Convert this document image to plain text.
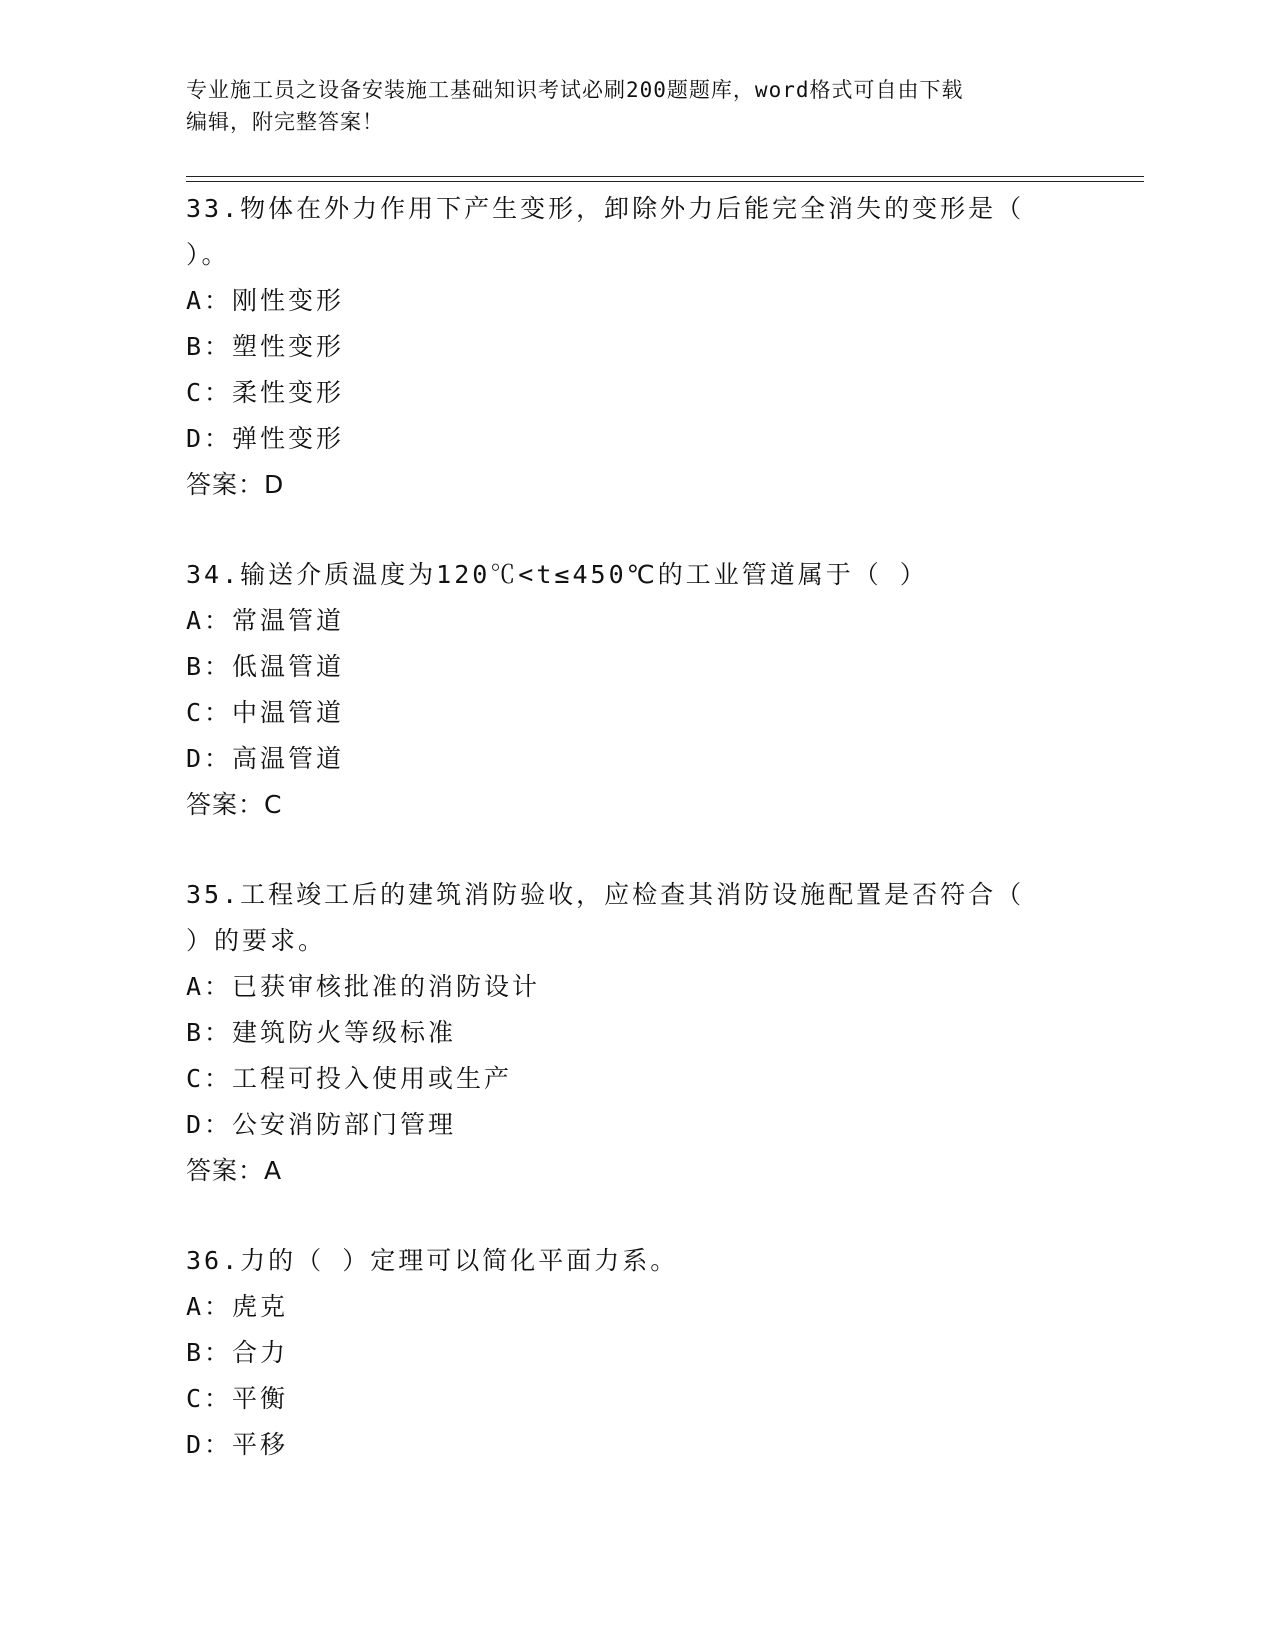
专业施工员之设备安装施工基础知识考试必刷200题题库，word格式可自由下载
编辑，附完整答案！
33.物体在外力作用下产生变形，卸除外力后能完全消失的变形是（
）。
A：刚性变形
B：塑性变形
C：柔性变形
D：弹性变形
答案：D
34.输送介质温度为120℃<t≤450℃的工业管道属于（ ）
A：常温管道
B：低温管道
C：中温管道
D：高温管道
答案：C
35.工程竣工后的建筑消防验收，应检查其消防设施配置是否符合（
）的要求。
A：已获审核批准的消防设计
B：建筑防火等级标准
C：工程可投入使用或生产
D：公安消防部门管理
答案：A
36.力的（ ）定理可以简化平面力系。
A：虎克
B：合力
C：平衡
D：平移
